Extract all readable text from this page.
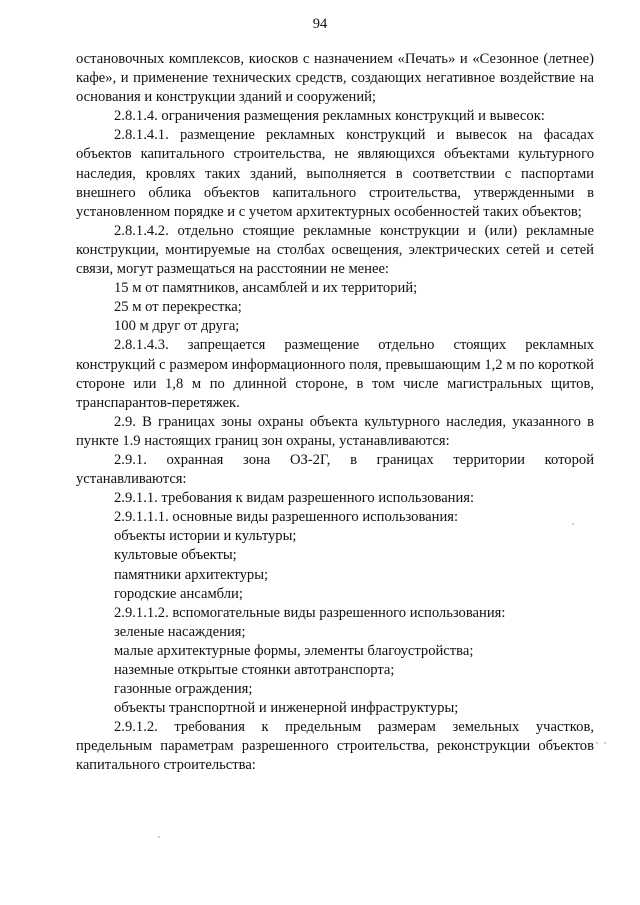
94

остановочных комплексов, киосков с назначением «Печать» и «Сезонное (летнее) кафе», и применение технических средств, создающих негативное воздействие на основания и конструкции зданий и сооружений;

2.8.1.4. ограничения размещения рекламных конструкций и вывесок:

2.8.1.4.1. размещение рекламных конструкций и вывесок на фасадах объектов капитального строительства, не являющихся объектами культурного наследия, кровлях таких зданий, выполняется в соответствии с паспортами внешнего облика объектов капитального строительства, утвержденными в установленном порядке и с учетом архитектурных особенностей таких объектов;

2.8.1.4.2. отдельно стоящие рекламные конструкции и (или) рекламные конструкции, монтируемые на столбах освещения, электрических сетей и сетей связи, могут размещаться на расстоянии не менее:

15 м от памятников, ансамблей и их территорий;

25 м от перекрестка;

100 м друг от друга;

2.8.1.4.3. запрещается размещение отдельно стоящих рекламных конструкций с размером информационного поля, превышающим 1,2 м по короткой стороне или 1,8 м по длинной стороне, в том числе магистральных щитов, транспарантов-перетяжек.

2.9. В границах зоны охраны объекта культурного наследия, указанного в пункте 1.9 настоящих границ зон охраны, устанавливаются:

2.9.1. охранная зона ОЗ-2Г, в границах территории которой устанавливаются:

2.9.1.1. требования к видам разрешенного использования:

2.9.1.1.1. основные виды разрешенного использования:

объекты истории и культуры;

культовые объекты;

памятники архитектуры;

городские ансамбли;

2.9.1.1.2. вспомогательные виды разрешенного использования:

зеленые насаждения;

малые архитектурные формы, элементы благоустройства;

наземные открытые стоянки автотранспорта;

газонные ограждения;

объекты транспортной и инженерной инфраструктуры;

2.9.1.2. требования к предельным размерам земельных участков, предельным параметрам разрешенного строительства, реконструкции объектов капитального строительства:
